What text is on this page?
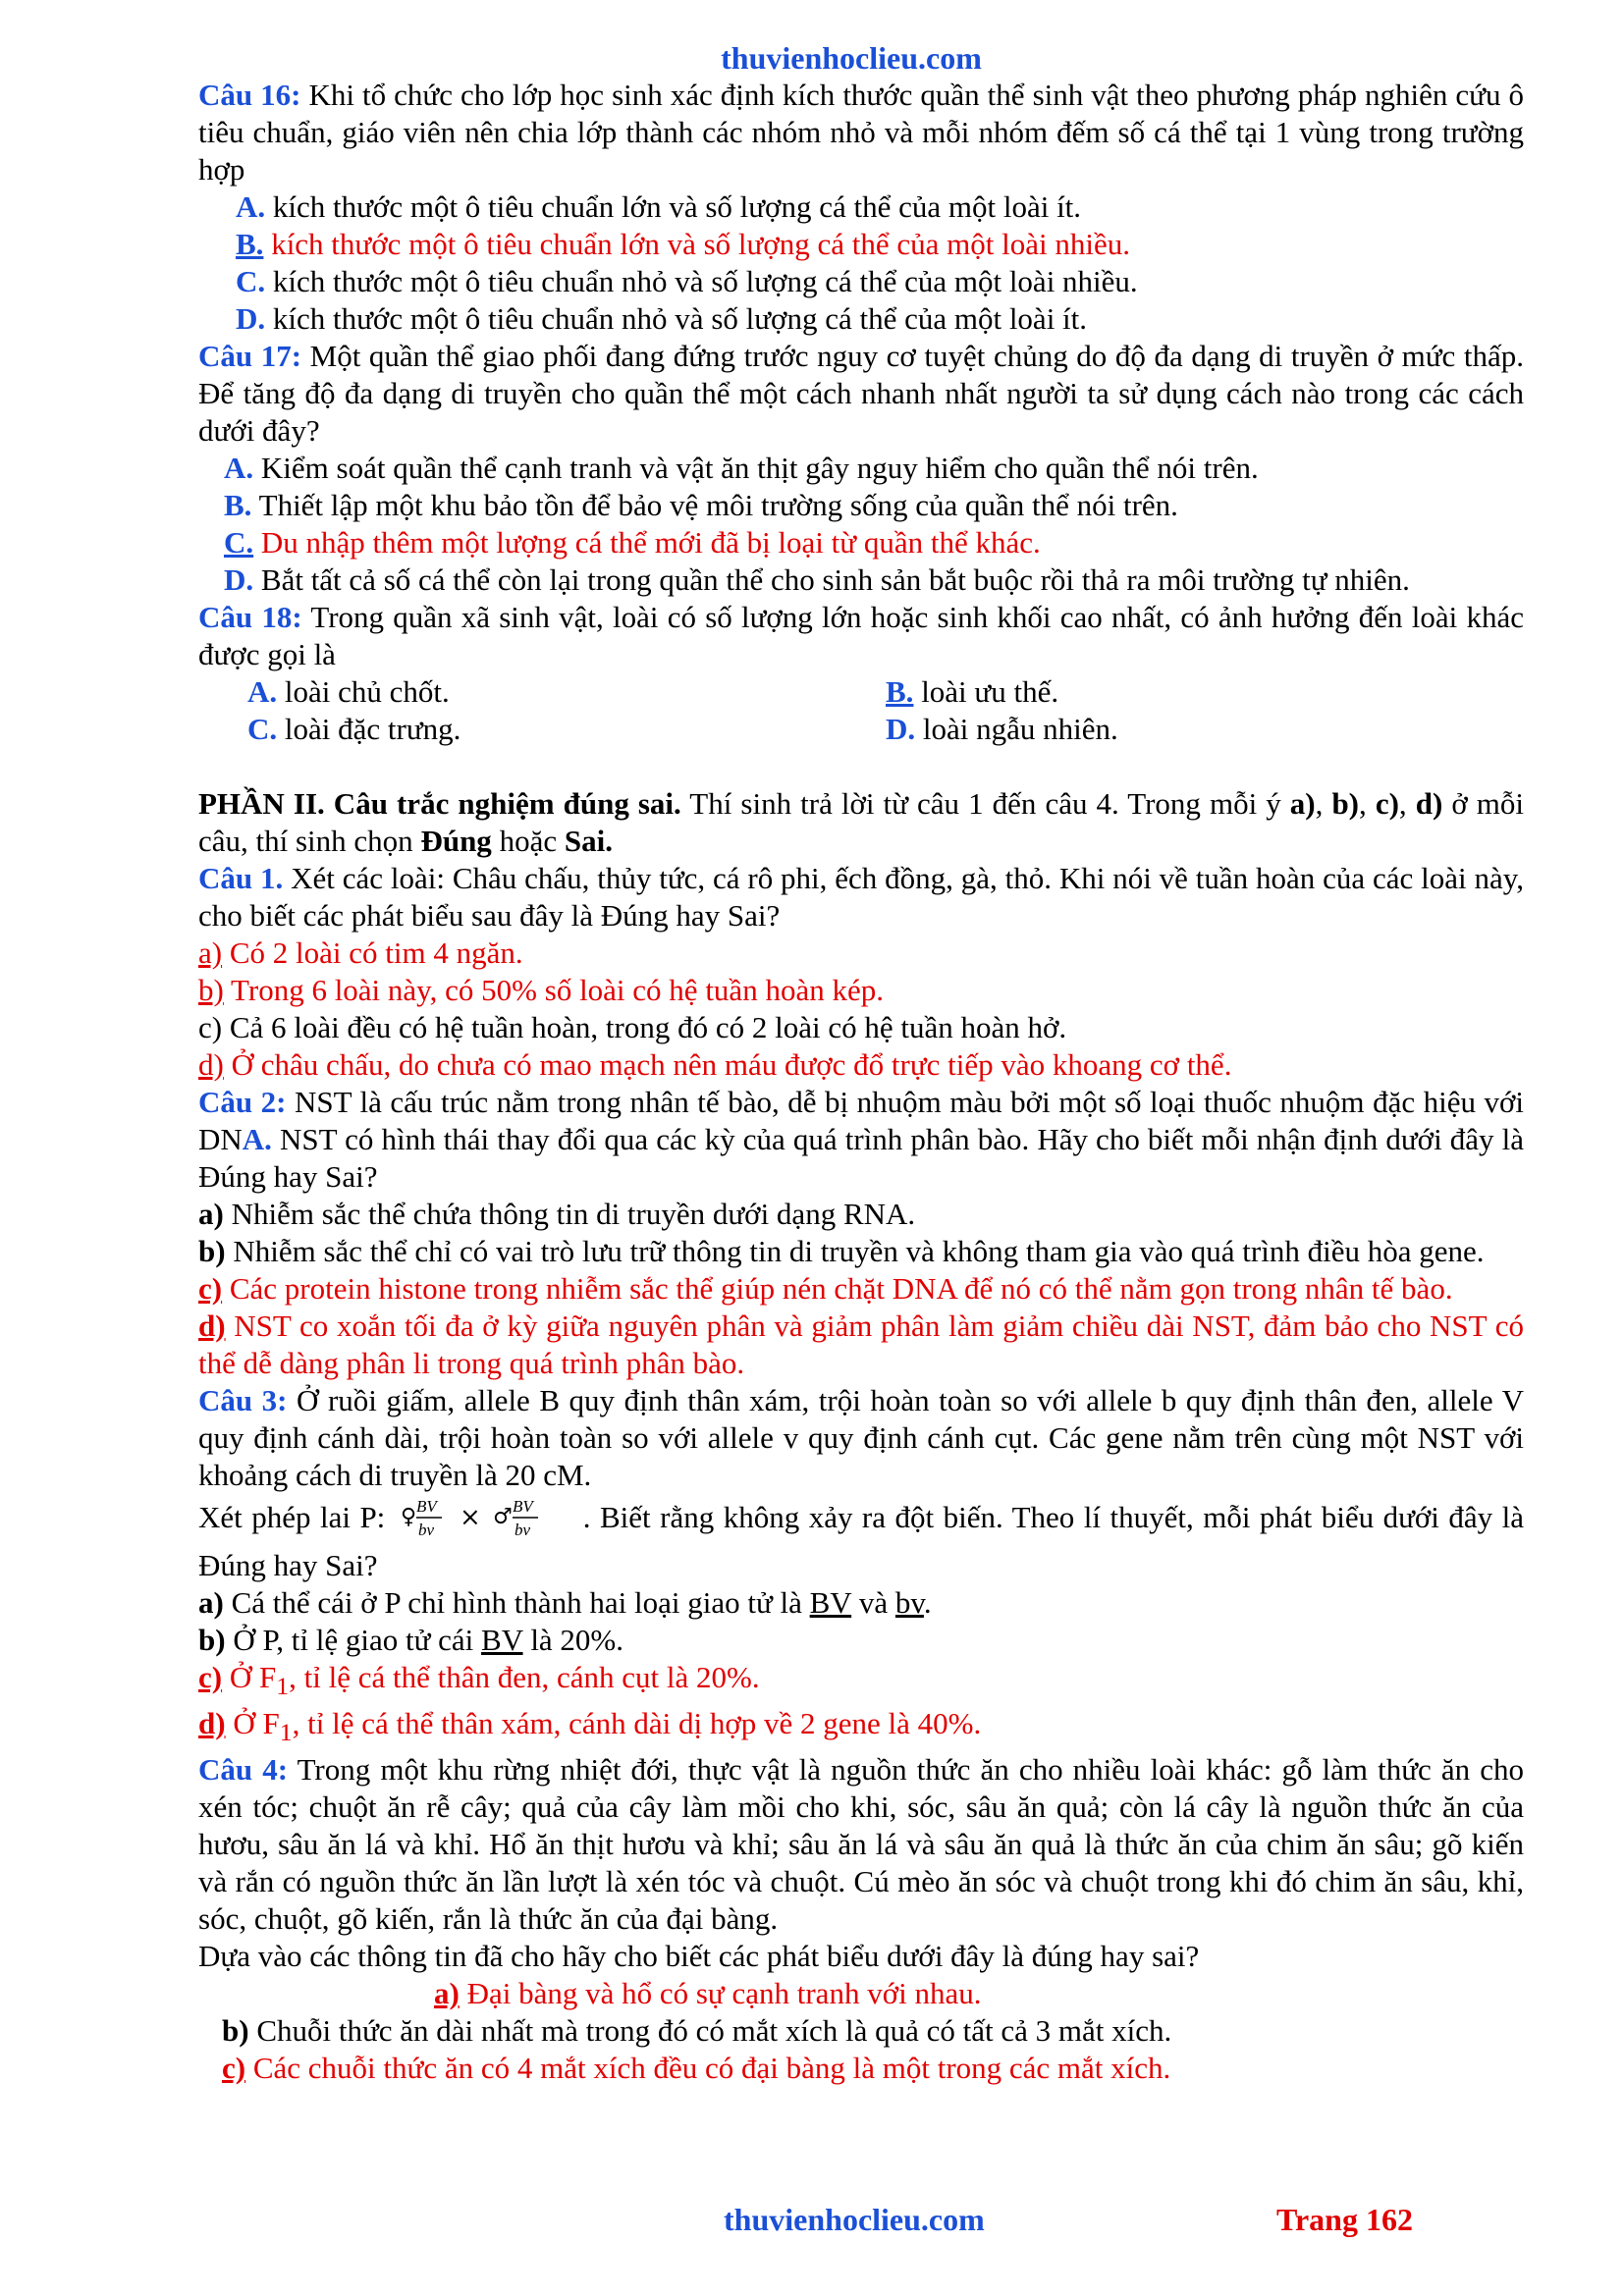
thuvienhoclieu.com

Câu 16: Khi tổ chức cho lớp học sinh xác định kích thước quần thể sinh vật theo phương pháp nghiên cứu ô tiêu chuẩn, giáo viên nên chia lớp thành các nhóm nhỏ và mỗi nhóm đếm số cá thể tại 1 vùng trong trường hợp

A. kích thước một ô tiêu chuẩn lớn và số lượng cá thể của một loài ít.

B. kích thước một ô tiêu chuẩn lớn và số lượng cá thể của một loài nhiều.

C. kích thước một ô tiêu chuẩn nhỏ và số lượng cá thể của một loài nhiều.

D. kích thước một ô tiêu chuẩn nhỏ và số lượng cá thể của một loài ít.

Câu 17: Một quần thể giao phối đang đứng trước nguy cơ tuyệt chủng do độ đa dạng di truyền ở mức thấp. Để tăng độ đa dạng di truyền cho quần thể một cách nhanh nhất người ta sử dụng cách nào trong các cách dưới đây?

A. Kiểm soát quần thể cạnh tranh và vật ăn thịt gây nguy hiểm cho quần thể nói trên.

B. Thiết lập một khu bảo tồn để bảo vệ môi trường sống của quần thể nói trên.

C. Du nhập thêm một lượng cá thể mới đã bị loại từ quần thể khác.

D. Bắt tất cả số cá thể còn lại trong quần thể cho sinh sản bắt buộc rồi thả ra môi trường tự nhiên.

Câu 18: Trong quần xã sinh vật, loài có số lượng lớn hoặc sinh khối cao nhất, có ảnh hưởng đến loài khác được gọi là

A. loài chủ chốt.	B. loài ưu thế.
C. loài đặc trưng.	D. loài ngẫu nhiên.

PHẦN II. Câu trắc nghiệm đúng sai. Thí sinh trả lời từ câu 1 đến câu 4. Trong mỗi ý a), b), c), d) ở mỗi câu, thí sinh chọn Đúng hoặc Sai.

Câu 1. Xét các loài: Châu chấu, thủy tức, cá rô phi, ếch đồng, gà, thỏ. Khi nói về tuần hoàn của các loài này, cho biết các phát biểu sau đây là Đúng hay Sai?

a) Có 2 loài có tim 4 ngăn.

b) Trong 6 loài này, có 50% số loài có hệ tuần hoàn kép.

c) Cả 6 loài đều có hệ tuần hoàn, trong đó có 2 loài có hệ tuần hoàn hở.

d) Ở châu chấu, do chưa có mao mạch nên máu được đổ trực tiếp vào khoang cơ thể.

Câu 2: NST là cấu trúc nằm trong nhân tế bào, dễ bị nhuộm màu bởi một số loại thuốc nhuộm đặc hiệu với DNA. NST có hình thái thay đổi qua các kỳ của quá trình phân bào. Hãy cho biết mỗi nhận định dưới đây là Đúng hay Sai?

a) Nhiễm sắc thể chứa thông tin di truyền dưới dạng RNA.

b) Nhiễm sắc thể chỉ có vai trò lưu trữ thông tin di truyền và không tham gia vào quá trình điều hòa gene.

c) Các protein histone trong nhiễm sắc thể giúp nén chặt DNA để nó có thể nằm gọn trong nhân tế bào.

d) NST co xoắn tối đa ở kỳ giữa nguyên phân và giảm phân làm giảm chiều dài NST, đảm bảo cho NST có thể dễ dàng phân li trong quá trình phân bào.

Câu 3: Ở ruồi giấm, allele B quy định thân xám, trội hoàn toàn so với allele b quy định thân đen, allele V quy định cánh dài, trội hoàn toàn so với allele v quy định cánh cụt. Các gene nằm trên cùng một NST với khoảng cách di truyền là 20 cM.

Xét phép lai P: ♀ BV
bv × ♂ BV
bv . Biết rằng không xảy ra đột biến. Theo lí thuyết, mỗi phát biểu dưới đây là Đúng hay Sai?

a) Cá thể cái ở P chỉ hình thành hai loại giao tử là BV và bv.

b) Ở P, tỉ lệ giao tử cái BV là 20%.

c) Ở $F_1$, tỉ lệ cá thể thân đen, cánh cụt là 20%.

d) Ở $F_1$, tỉ lệ cá thể thân xám, cánh dài dị hợp về 2 gene là 40%.

Câu 4: Trong một khu rừng nhiệt đới, thực vật là nguồn thức ăn cho nhiều loài khác: gỗ làm thức ăn cho xén tóc; chuột ăn rễ cây; quả của cây làm mồi cho khi, sóc, sâu ăn quả; còn lá cây là nguồn thức ăn của hươu, sâu ăn lá và khỉ. Hổ ăn thịt hươu và khỉ; sâu ăn lá và sâu ăn quả là thức ăn của chim ăn sâu; gõ kiến và rắn có nguồn thức ăn lần lượt là xén tóc và chuột. Cú mèo ăn sóc và chuột trong khi đó chim ăn sâu, khỉ, sóc, chuột, gõ kiến, rắn là thức ăn của đại bàng.

Dựa vào các thông tin đã cho hãy cho biết các phát biểu dưới đây là đúng hay sai?

a) Đại bàng và hổ có sự cạnh tranh với nhau.

b) Chuỗi thức ăn dài nhất mà trong đó có mắt xích là quả có tất cả 3 mắt xích.

c) Các chuỗi thức ăn có 4 mắt xích đều có đại bàng là một trong các mắt xích.

thuvienhoclieu.com	Trang 162
